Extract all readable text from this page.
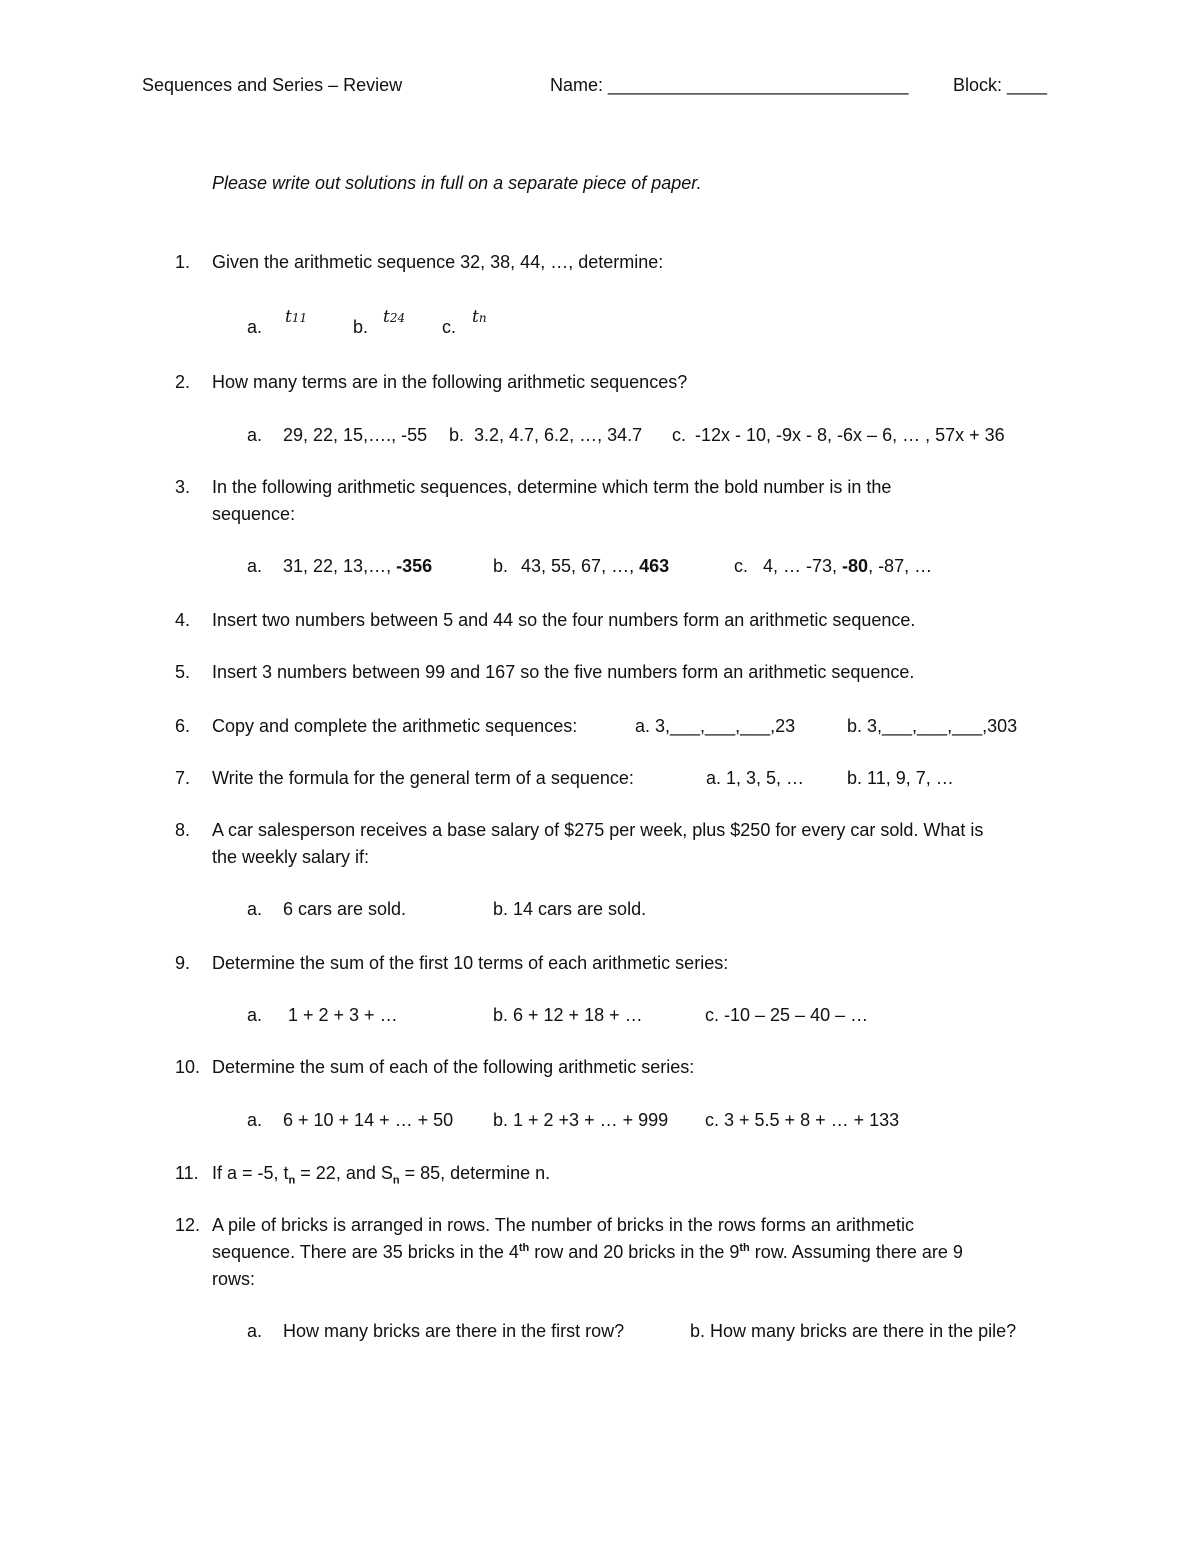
Sequences and Series – Review	Name: ______________________________ Block: ____
Please write out solutions in full on a separate piece of paper.
1. Given the arithmetic sequence 32, 38, 44, …, determine:
a. t11	b. t24 c. tn
2. How many terms are in the following arithmetic sequences?
a. 29, 22, 15,…., -55 b. 3.2, 4.7, 6.2, …, 34.7 c. -12x - 10, -9x - 8, -6x – 6, … , 57x + 36
3. In the following arithmetic sequences, determine which term the bold number is in the
sequence:
a. 31, 22, 13,…, -356	b. 43, 55, 67, …, 463	c. 4, … -73, -80, -87, …
4. Insert two numbers between 5 and 44 so the four numbers form an arithmetic sequence.
5. Insert 3 numbers between 99 and 167 so the five numbers form an arithmetic sequence.
6. Copy and complete the arithmetic sequences:	a. 3,___,___,___,23	b. 3,___,___,___,303
7. Write the formula for the general term of a sequence:	a. 1, 3, 5, … b. 11, 9, 7, …
8. A car salesperson receives a base salary of $275 per week, plus $250 for every car sold. What is
the weekly salary if:
a. 6 cars are sold.	b. 14 cars are sold.
9. Determine the sum of the first 10 terms of each arithmetic series:
a. 1 + 2 + 3 + …	b. 6 + 12 + 18 + …	c. -10 – 25 – 40 – …
10. Determine the sum of each of the following arithmetic series:
a. 6 + 10 + 14 + … + 50 b. 1 + 2 +3 + … + 999 c. 3 + 5.5 + 8 + … + 133
11. If a = -5, $t_n = 22$, and $S_n = 85$, determine n.
12. A pile of bricks is arranged in rows. The number of bricks in the rows forms an arithmetic
sequence. There are 35 bricks in the 4th row and 20 bricks in the 9th row. Assuming there are 9
rows:
a. How many bricks are there in the first row?	b. How many bricks are there in the pile?
